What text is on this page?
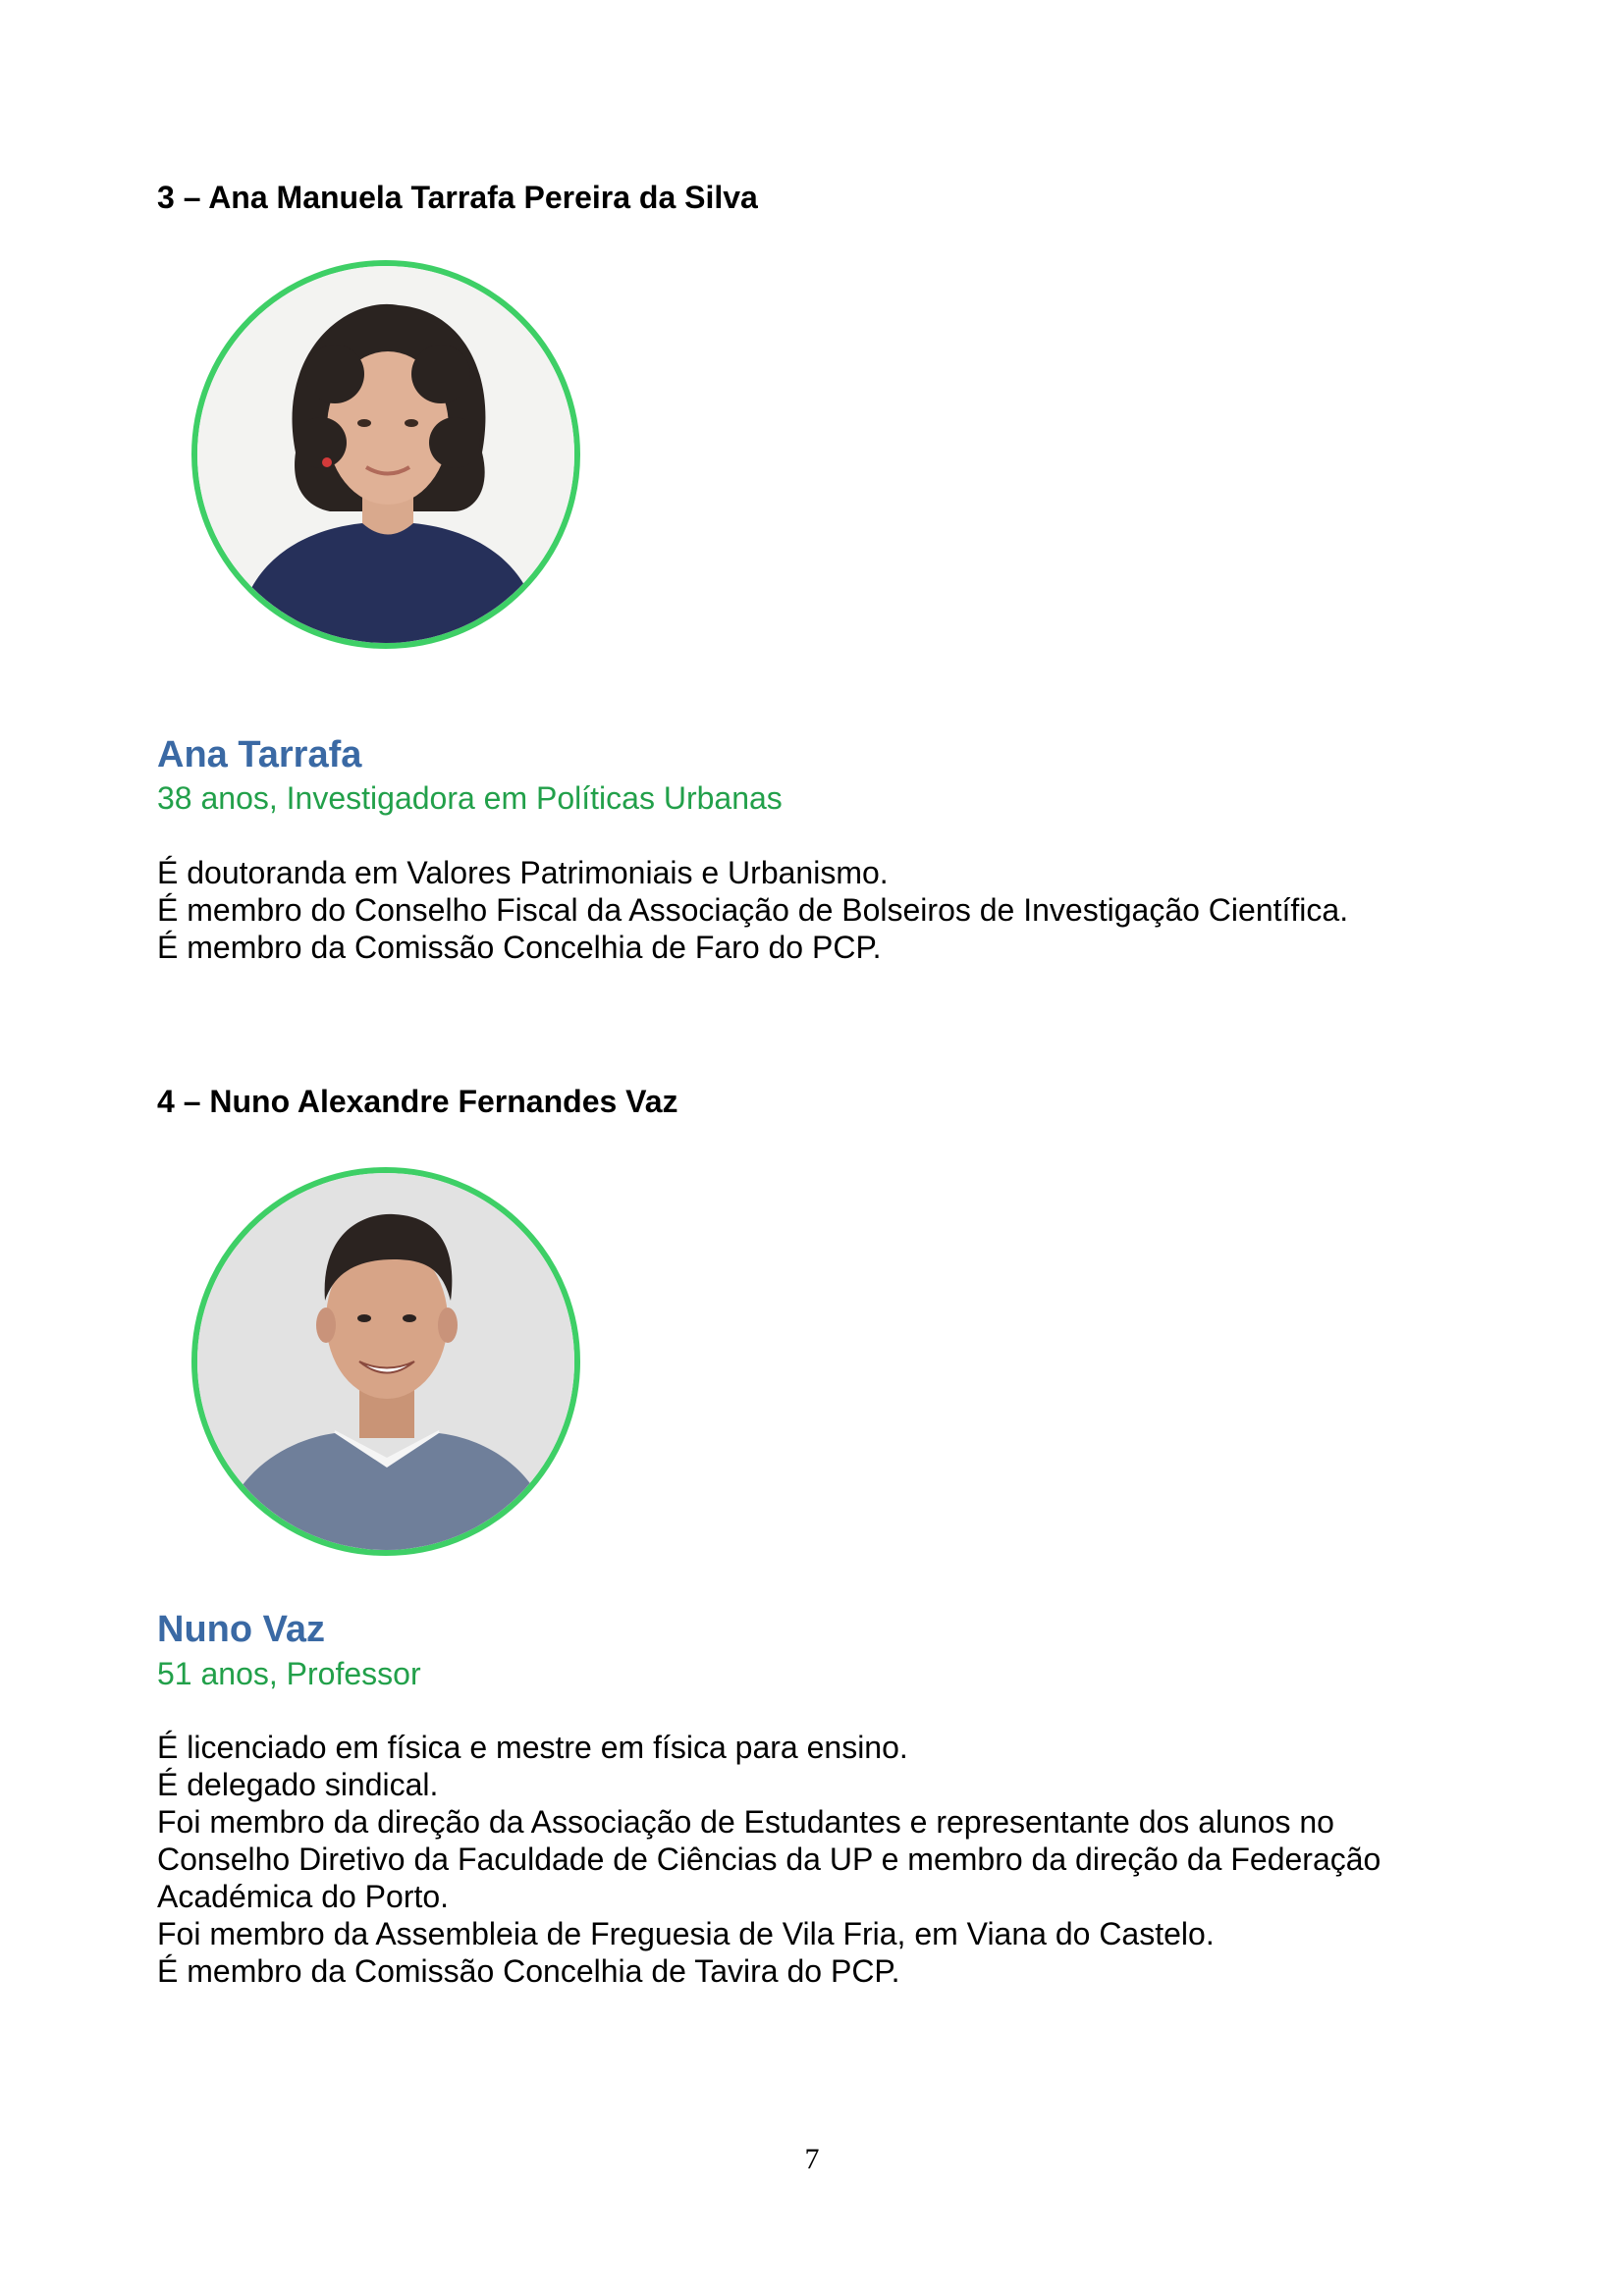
3 – Ana Manuela Tarrafa Pereira da Silva
Ana Tarrafa

38 anos, Investigadora em Políticas Urbanas

É doutoranda em Valores Patrimoniais e Urbanismo.
É membro do Conselho Fiscal da Associação de Bolseiros de Investigação Científica.
É membro da Comissão Concelhia de Faro do PCP.
4 – Nuno Alexandre Fernandes Vaz
Nuno Vaz

51 anos, Professor

É licenciado em física e mestre em física para ensino.
É delegado sindical.
Foi membro da direção da Associação de Estudantes e representante dos alunos no Conselho Diretivo da Faculdade de Ciências da UP e membro da direção da Federação Académica do Porto.
Foi membro da Assembleia de Freguesia de Vila Fria, em Viana do Castelo.
É membro da Comissão Concelhia de Tavira do PCP.
7
